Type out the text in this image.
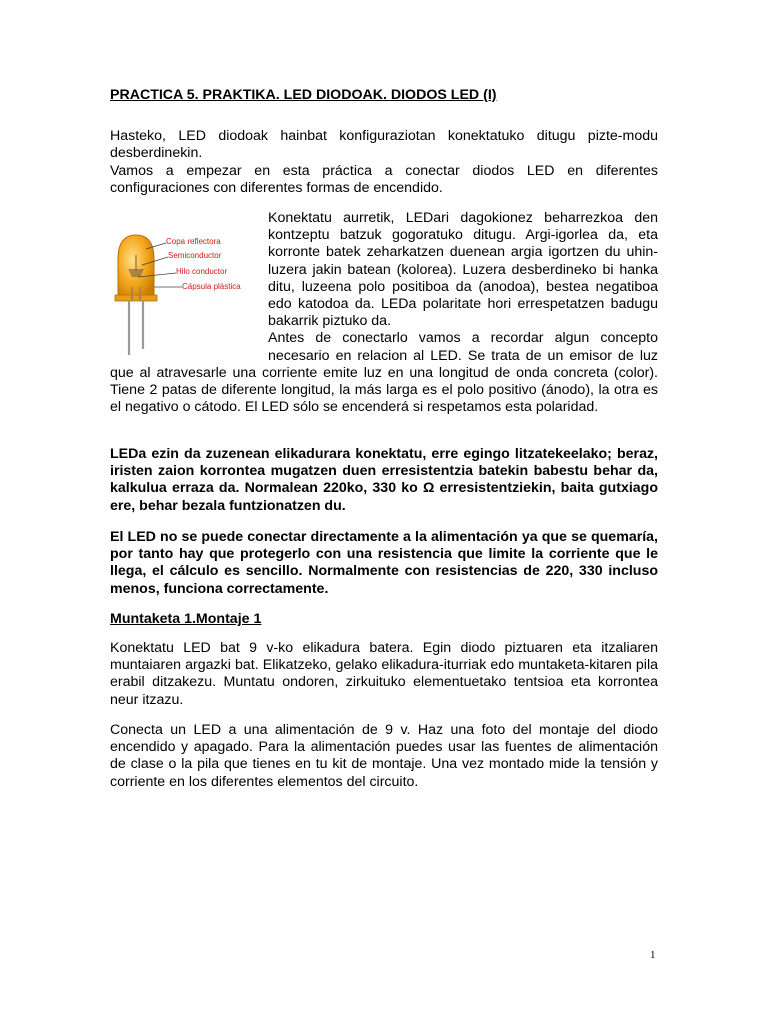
PRACTICA 5. PRAKTIKA. LED DIODOAK. DIODOS LED (I)
Hasteko, LED diodoak hainbat konfiguraziotan konektatuko ditugu pizte-modu desberdinekin.
Vamos a empezar en esta práctica a conectar diodos LED en diferentes configuraciones con diferentes formas de encendido.
Copa reflectora
Semiconductor
Hilo conductor
Cápsula plástica
Konektatu aurretik, LEDari dagokionez beharrezkoa den kontzeptu batzuk gogoratuko ditugu. Argi-igorlea da, eta korronte batek zeharkatzen duenean argia igortzen du uhin-luzera jakin batean (kolorea). Luzera desberdineko bi hanka ditu, luzeena polo positiboa da (anodoa), bestea negatiboa edo katodoa da. LEDa polaritate hori errespetatzen badugu bakarrik piztuko da.
Antes de conectarlo vamos a recordar algun concepto necesario en relacion al LED. Se trata de un emisor de luz que al atravesarle una corriente emite luz en una longitud de onda concreta (color). Tiene 2 patas de diferente longitud, la más larga es el polo positivo (ánodo), la otra es el negativo o cátodo. El LED sólo se encenderá si respetamos esta polaridad.
LEDa ezin da zuzenean elikadurara konektatu, erre egingo litzatekeelako; beraz, iristen zaion korrontea mugatzen duen erresistentzia batekin babestu behar da, kalkulua erraza da. Normalean 220ko, 330 ko Ω erresistentziekin, baita gutxiago ere, behar bezala funtzionatzen du.
El LED no se puede conectar directamente a la alimentación ya que se quemaría, por tanto hay que protegerlo con una resistencia que limite la corriente que le llega, el cálculo es sencillo. Normalmente con resistencias de 220, 330 incluso menos, funciona correctamente.
Muntaketa 1.Montaje 1
Konektatu LED bat 9 v-ko elikadura batera. Egin diodo piztuaren eta itzaliaren muntaiaren argazki bat. Elikatzeko, gelako elikadura-iturriak edo muntaketa-kitaren pila erabil ditzakezu. Muntatu ondoren, zirkuituko elementuetako tentsioa eta korrontea neur itzazu.
Conecta un LED a una alimentación de 9 v. Haz una foto del montaje del diodo encendido y apagado. Para la alimentación puedes usar las fuentes de alimentación de clase o la pila que tienes en tu kit de montaje. Una vez montado mide la tensión y corriente en los diferentes elementos del circuito.
1
